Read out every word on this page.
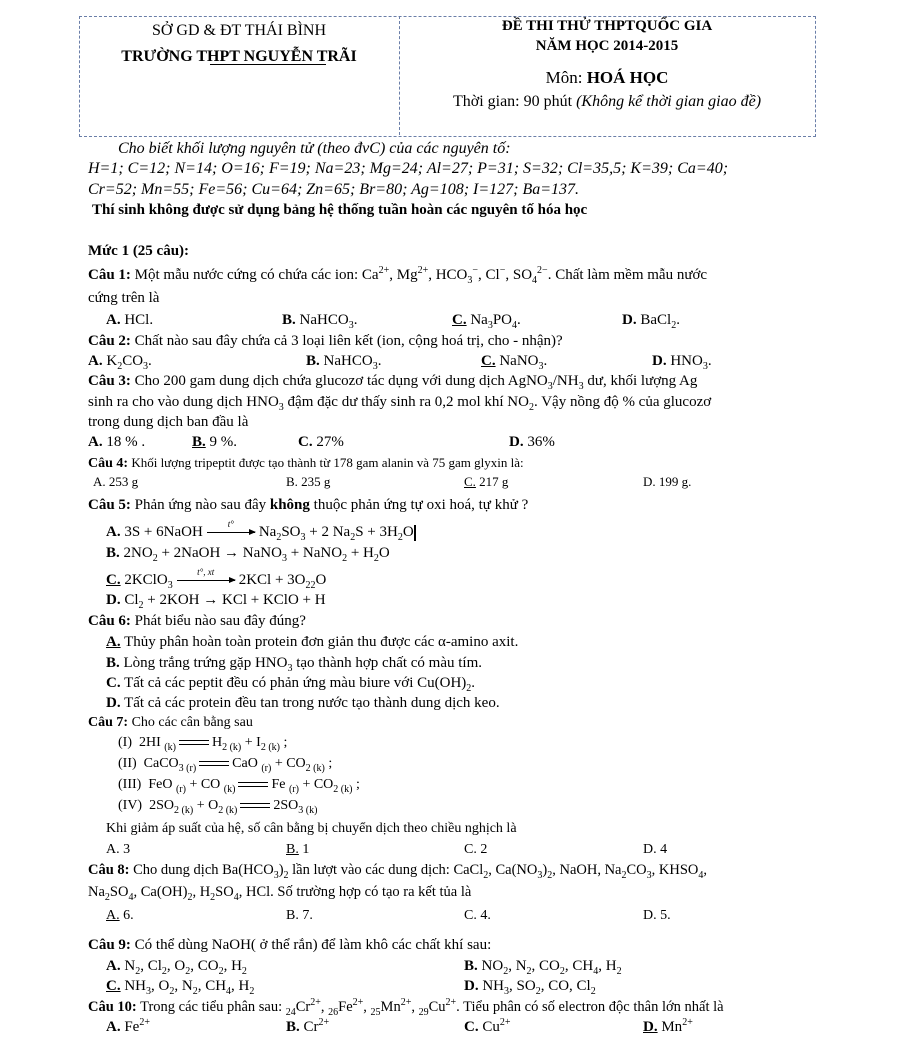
SỞ GD & ĐT THÁI BÌNH
TRƯỜNG THPT NGUYỄN TRÃI
ĐỀ THI THỬ THPTQUỐC GIA
NĂM HỌC 2014-2015
Môn: HOÁ HỌC
Thời gian: 90 phút (Không kể thời gian giao đề)
Cho biết khối lượng nguyên tử (theo đvC) của các nguyên tố:
H=1; C=12; N=14; O=16; F=19; Na=23; Mg=24; Al=27; P=31; S=32; Cl=35,5; K=39; Ca=40;
Cr=52; Mn=55; Fe=56; Cu=64; Zn=65; Br=80; Ag=108; I=127; Ba=137.
Thí sinh không được sử dụng bảng hệ thống tuần hoàn các nguyên tố hóa học
Mức 1 (25 câu):
Câu 1: Một mẫu nước cứng có chứa các ion: $Ca^{2+}$, $Mg^{2+}$, $HCO_3^-$, Cl−, $SO_4^{2-}$. Chất làm mềm mẫu nước
cứng trên là
A. HCl.	B. NaHCO$_3$.	C. $Na_3PO_4$.	D. BaCl$_2$.
Câu 2: Chất nào sau đây chứa cả 3 loại liên kết (ion, cộng hoá trị, cho - nhận)?
A. $K_2CO_3$.	B. NaHCO$_3$.	C. NaNO$_3$.	D. $HNO_3$.
Câu 3: Cho 200 gam dung dịch chứa glucozơ tác dụng với dung dịch $AgNO_3/NH_3$ dư, khối lượng Ag
sinh ra cho vào dung dịch $HNO_3$ đậm đặc dư thấy sinh ra 0,2 mol khí $NO_2$. Vậy nồng độ % của glucozơ
trong dung dịch ban đầu là
A. 18 % .	B. 9 %.	C. 27%	D. 36%
Câu 4: Khối lượng tripeptit được tạo thành từ 178 gam alanin và 75 gam glyxin là:
A. 253 g	B. 235 g	C. 217 g	D. 199 g.
Câu 5: Phản ứng nào sau đây không thuộc phản ứng tự oxi hoá, tự khử ?
A. 3S + 6NaOH	t°	$Na_2SO_3 + 2$ $Na_2S + 3H_2O$
B. $2NO_2$ + 2NaOH → NaNO$_3$ + NaNO$_2$ + $H_2O$
C. 2KClO$_3$
t°, xt	$2KCl + 3O_{22}O$
D. $Cl_2 + 2KOH$ → KCl + KClO + H
Câu 6: Phát biểu nào sau đây đúng?
A. Thủy phân hoàn toàn protein đơn giản thu được các α-amino axit.
B. Lòng trắng trứng gặp $HNO_3$ tạo thành hợp chất có màu tím.
C. Tất cả các peptit đều có phản ứng màu biure với $Cu(OH)_2$.
D. Tất cả các protein đều tan trong nước tạo thành dung dịch keo.
Câu 7: Cho các cân bằng sau
(I)  2HI $_{(k)}$	$H_{2 (k)} + I_{2 (k)}$ ;
(II)  CaCO$_{3 (r)}$	CaO $_{(r)} + CO_{2 (k)}$ ;
(III)  FeO $_{(r)}$ + CO $_{(k)}$	Fe $_{(r)} + CO_{2 (k)}$ ;
(IV)  $2SO_{2 (k)} + O_{2 (k)}$	$2SO_{3 (k)}$
Khi giảm áp suất của hệ, số cân bằng bị chuyển dịch theo chiều nghịch là
A. 3	B. 1	C. 2	D. 4
Câu 8: Cho dung dịch $Ba(HCO_3)_2$ lần lượt vào các dung dịch: CaCl$_2$, $Ca(NO_3)_2$, NaOH, $Na_2CO_3$, $KHSO_4$,
$Na_2SO_4$, $Ca(OH)_2$, $H_2SO_4$, HCl. Số trường hợp có tạo ra kết tủa là
A. 6.	B. 7.	C. 4.	D. 5.
Câu 9: Có thể dùng NaOH( ở thể rắn) để làm khô các chất khí sau:
A. $N_2$, $Cl_2$, $O_2$, $CO_2$, $H_2$	B. $NO_2$, $N_2$, $CO_2$, $CH_4$, $H_2$
C. $NH_3$, $O_2$, $N_2$, $CH_4$, $H_2$	D. $NH_3$, $SO_2$, CO, $Cl_2$
Câu 10: Trong các tiểu phân sau: $_{24}Cr^{2+}$, $_{26}Fe^{2+}$, $_{25}Mn^{2+}$, $_{29}Cu^{2+}$. Tiểu phân có số electron độc thân lớn nhất là
A. $Fe^{2+}$	B. $Cr^{2+}$	C. $Cu^{2+}$	D. $Mn^{2+}$
